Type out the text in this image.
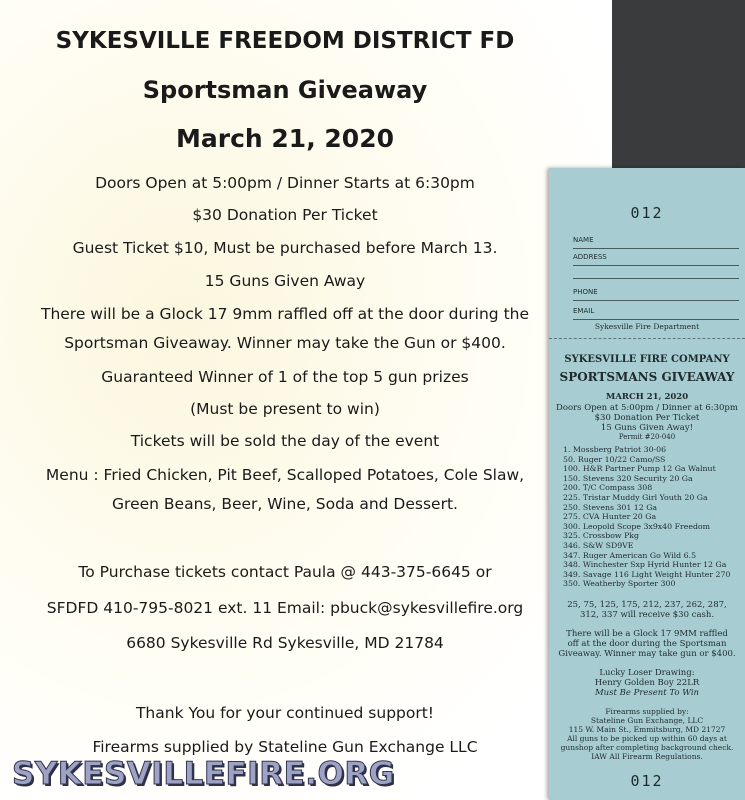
SYKESVILLE FREEDOM DISTRICT FD
Sportsman Giveaway
March 21, 2020
Doors Open at 5:00pm / Dinner Starts at 6:30pm
$30 Donation Per Ticket
Guest Ticket $10, Must be purchased before March 13.
15 Guns Given Away
There will be a Glock 17 9mm raffled off at the door during the
Sportsman Giveaway. Winner may take the Gun or $400.
Guaranteed Winner of 1 of the top 5 gun prizes
(Must be present to win)
Tickets will be sold the day of the event
Menu : Fried Chicken, Pit Beef, Scalloped Potatoes, Cole Slaw,
Green Beans, Beer, Wine, Soda and Dessert.
To Purchase tickets contact Paula @ 443-375-6645 or
SFDFD 410-795-8021 ext. 11 Email: pbuck@sykesvillefire.org
6680 Sykesville Rd Sykesville, MD 21784
Thank You for your continued support!
Firearms supplied by Stateline Gun Exchange LLC
SYKESVILLEFIRE.ORG
012
NAME
ADDRESS
PHONE
EMAIL
Sykesville Fire Department
SYKESVILLE FIRE COMPANY
SPORTSMANS GIVEAWAY
MARCH 21, 2020
Doors Open at 5:00pm / Dinner at 6:30pm
$30 Donation Per Ticket
15 Guns Given Away!
Permit #20-040
1. Mossberg Patriot 30-06
50. Ruger 10/22 Camo/SS
100. H&R Partner Pump 12 Ga Walnut
150. Stevens 320 Security 20 Ga
200. T/C Compass 308
225. Tristar Muddy Girl Youth 20 Ga
250. Stevens 301 12 Ga
275. CVA Hunter 20 Ga
300. Leopold Scope 3x9x40 Freedom
325. Crossbow Pkg
346. S&W SD9VE
347. Ruger American Go Wild 6.5
348. Winchester Sxp Hyrid Hunter 12 Ga
349. Savage 116 Light Weight Hunter 270
350. Weatherby Sporter 300
25, 75, 125, 175, 212, 237, 262, 287,
312, 337 will receive $30 cash.
There will be a Glock 17 9MM raffled
off at the door during the Sportsman
Giveaway. Winner may take gun or $400.
Lucky Loser Drawing:
Henry Golden Boy 22LR
Must Be Present To Win
Firearms supplied by:
Stateline Gun Exchange, LLC
115 W. Main St., Emmitsburg, MD 21727
All guns to be picked up within 60 days at
gunshop after completing background check.
IAW All Firearm Regulations.
012
